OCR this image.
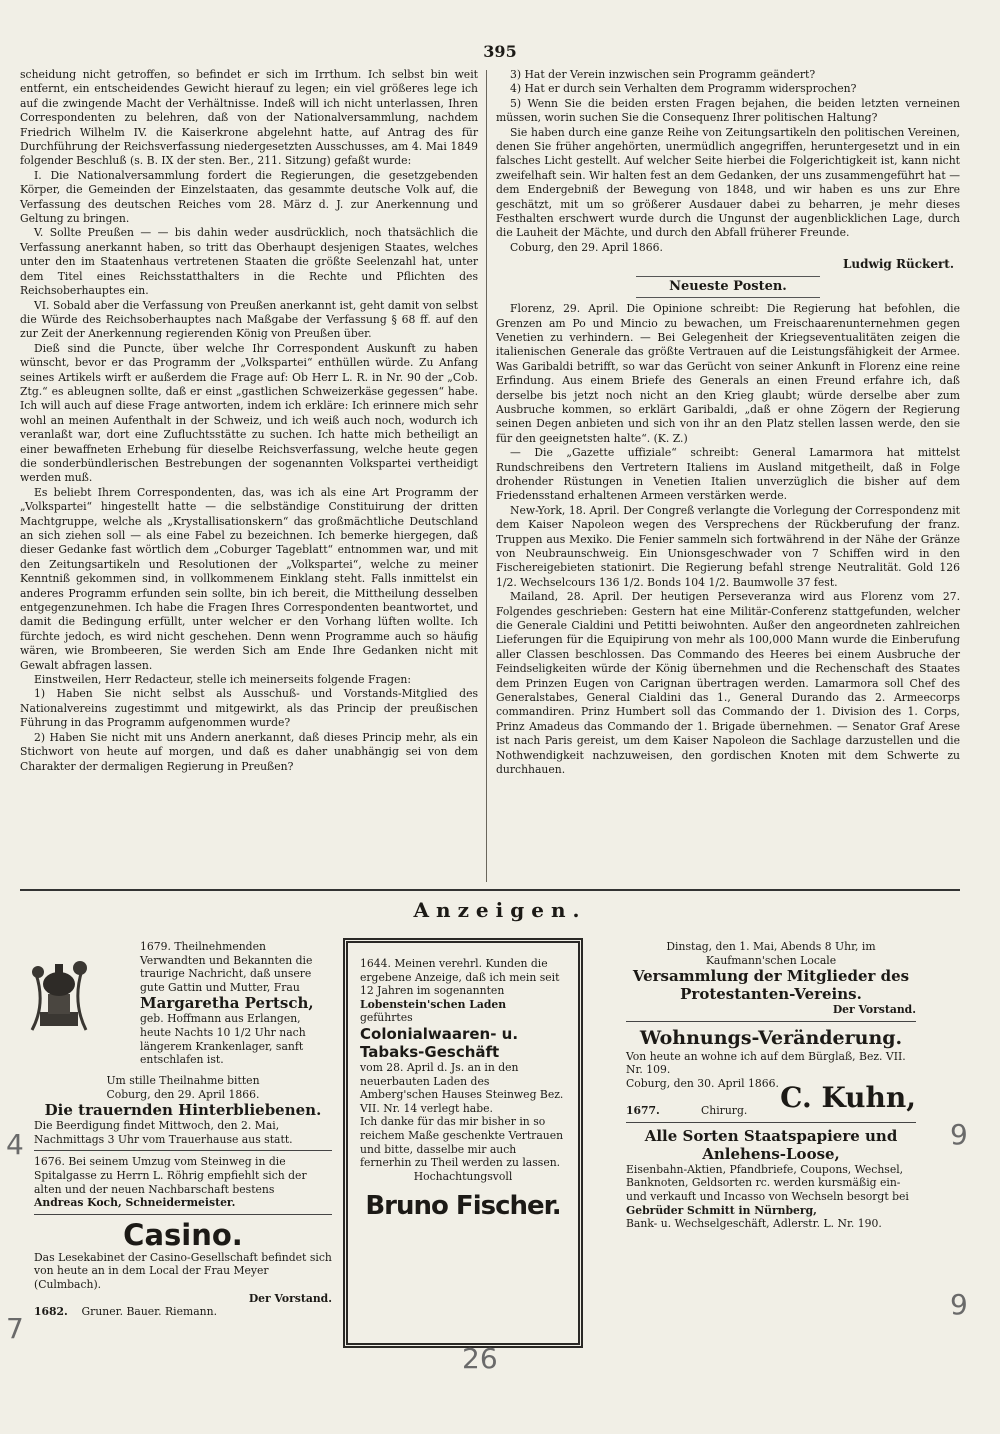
395

scheidung nicht getroffen, so befindet er sich im Irrthum. Ich selbst bin weit entfernt, ein entscheidendes Gewicht hierauf zu legen; ein viel größeres lege ich auf die zwingende Macht der Verhältnisse. Indeß will ich nicht unterlassen, Ihren Correspondenten zu belehren, daß von der Nationalversammlung, nachdem Friedrich Wilhelm IV. die Kaiserkrone abgelehnt hatte, auf Antrag des für Durchführung der Reichsverfassung niedergesetzten Ausschusses, am 4. Mai 1849 folgender Beschluß (s. B. IX der sten. Ber., 211. Sitzung) gefaßt wurde:

I. Die Nationalversammlung fordert die Regierungen, die gesetzgebenden Körper, die Gemeinden der Einzelstaaten, das gesammte deutsche Volk auf, die Verfassung des deutschen Reiches vom 28. März d. J. zur Anerkennung und Geltung zu bringen.

V. Sollte Preußen — — bis dahin weder ausdrücklich, noch thatsächlich die Verfassung anerkannt haben, so tritt das Oberhaupt desjenigen Staates, welches unter den im Staatenhaus vertretenen Staaten die größte Seelenzahl hat, unter dem Titel eines Reichsstatthalters in die Rechte und Pflichten des Reichsoberhauptes ein.

VI. Sobald aber die Verfassung von Preußen anerkannt ist, geht damit von selbst die Würde des Reichsoberhauptes nach Maßgabe der Verfassung § 68 ff. auf den zur Zeit der Anerkennung regierenden König von Preußen über.

Dieß sind die Puncte, über welche Ihr Correspondent Auskunft zu haben wünscht, bevor er das Programm der „Volkspartei“ enthüllen würde. Zu Anfang seines Artikels wirft er außerdem die Frage auf: Ob Herr L. R. in Nr. 90 der „Cob. Ztg.“ es ableugnen sollte, daß er einst „gastlichen Schweizerkäse gegessen“ habe. Ich will auch auf diese Frage antworten, indem ich erkläre: Ich erinnere mich sehr wohl an meinen Aufenthalt in der Schweiz, und ich weiß auch noch, wodurch ich veranlaßt war, dort eine Zufluchtsstätte zu suchen. Ich hatte mich betheiligt an einer bewaffneten Erhebung für dieselbe Reichsverfassung, welche heute gegen die sonderbündlerischen Bestrebungen der sogenannten Volkspartei vertheidigt werden muß.

Es beliebt Ihrem Correspondenten, das, was ich als eine Art Programm der „Volkspartei“ hingestellt hatte — die selbständige Constituirung der dritten Machtgruppe, welche als „Krystallisationskern“ das großmächtliche Deutschland an sich ziehen soll — als eine Fabel zu bezeichnen. Ich bemerke hiergegen, daß dieser Gedanke fast wörtlich dem „Coburger Tageblatt“ entnommen war, und mit den Zeitungsartikeln und Resolutionen der „Volkspartei“, welche zu meiner Kenntniß gekommen sind, in vollkommenem Einklang steht. Falls inmittelst ein anderes Programm erfunden sein sollte, bin ich bereit, die Mittheilung desselben entgegenzunehmen. Ich habe die Fragen Ihres Correspondenten beantwortet, und damit die Bedingung erfüllt, unter welcher er den Vorhang lüften wollte. Ich fürchte jedoch, es wird nicht geschehen. Denn wenn Programme auch so häufig wären, wie Brombeeren, Sie werden Sich am Ende Ihre Gedanken nicht mit Gewalt abfragen lassen.

Einstweilen, Herr Redacteur, stelle ich meinerseits folgende Fragen:

1) Haben Sie nicht selbst als Ausschuß- und Vorstands-Mitglied des Nationalvereins zugestimmt und mitgewirkt, als das Princip der preußischen Führung in das Programm aufgenommen wurde?

2) Haben Sie nicht mit uns Andern anerkannt, daß dieses Princip mehr, als ein Stichwort von heute auf morgen, und daß es daher unabhängig sei von dem Charakter der dermaligen Regierung in Preußen?

3) Hat der Verein inzwischen sein Programm geändert?

4) Hat er durch sein Verhalten dem Programm widersprochen?

5) Wenn Sie die beiden ersten Fragen bejahen, die beiden letzten verneinen müssen, worin suchen Sie die Consequenz Ihrer politischen Haltung?

Sie haben durch eine ganze Reihe von Zeitungsartikeln den politischen Vereinen, denen Sie früher angehörten, unermüdlich angegriffen, heruntergesetzt und in ein falsches Licht gestellt. Auf welcher Seite hierbei die Folgerichtigkeit ist, kann nicht zweifelhaft sein. Wir halten fest an dem Gedanken, der uns zusammengeführt hat — dem Endergebniß der Bewegung von 1848, und wir haben es uns zur Ehre geschätzt, mit um so größerer Ausdauer dabei zu beharren, je mehr dieses Festhalten erschwert wurde durch die Ungunst der augenblicklichen Lage, durch die Lauheit der Mächte, und durch den Abfall früherer Freunde.

Coburg, den 29. April 1866.

Ludwig Rückert.
Neueste Posten.

Florenz, 29. April. Die Opinione schreibt: Die Regierung hat befohlen, die Grenzen am Po und Mincio zu bewachen, um Freischaarenunternehmen gegen Venetien zu verhindern. — Bei Gelegenheit der Kriegseventualitäten zeigen die italienischen Generale das größte Vertrauen auf die Leistungsfähigkeit der Armee. Was Garibaldi betrifft, so war das Gerücht von seiner Ankunft in Florenz eine reine Erfindung. Aus einem Briefe des Generals an einen Freund erfahre ich, daß derselbe bis jetzt noch nicht an den Krieg glaubt; würde derselbe aber zum Ausbruche kommen, so erklärt Garibaldi, „daß er ohne Zögern der Regierung seinen Degen anbieten und sich von ihr an den Platz stellen lassen werde, den sie für den geeignetsten halte“. (K. Z.)

— Die „Gazette uffiziale“ schreibt: General Lamarmora hat mittelst Rundschreibens den Vertretern Italiens im Ausland mitgetheilt, daß in Folge drohender Rüstungen in Venetien Italien unverzüglich die bisher auf dem Friedensstand erhaltenen Armeen verstärken werde.

New-York, 18. April. Der Congreß verlangte die Vorlegung der Correspondenz mit dem Kaiser Napoleon wegen des Versprechens der Rückberufung der franz. Truppen aus Mexiko. Die Fenier sammeln sich fortwährend in der Nähe der Gränze von Neubraunschweig. Ein Unionsgeschwader von 7 Schiffen wird in den Fischereigebieten stationirt. Die Regierung befahl strenge Neutralität. Gold 126 1/2. Wechselcours 136 1/2. Bonds 104 1/2. Baumwolle 37 fest.

Mailand, 28. April. Der heutigen Perseveranza wird aus Florenz vom 27. Folgendes geschrieben: Gestern hat eine Militär-Conferenz stattgefunden, welcher die Generale Cialdini und Petitti beiwohnten. Außer den angeordneten zahlreichen Lieferungen für die Equipirung von mehr als 100,000 Mann wurde die Einberufung aller Classen beschlossen. Das Commando des Heeres bei einem Ausbruche der Feindseligkeiten würde der König übernehmen und die Rechenschaft des Staates dem Prinzen Eugen von Carignan übertragen werden. Lamarmora soll Chef des Generalstabes, General Cialdini das 1., General Durando das 2. Armeecorps commandiren. Prinz Humbert soll das Commando der 1. Division des 1. Corps, Prinz Amadeus das Commando der 1. Brigade übernehmen. — Senator Graf Arese ist nach Paris gereist, um dem Kaiser Napoleon die Sachlage darzustellen und die Nothwendigkeit nachzuweisen, den gordischen Knoten mit dem Schwerte zu durchhauen.

Anzeigen.

1679. Theilnehmenden Verwandten und Bekannten die traurige Nachricht, daß unsere gute Gattin und Mutter, Frau

Margaretha Pertsch,

geb. Hoffmann aus Erlangen, heute Nachts 10 1/2 Uhr nach längerem Krankenlager, sanft entschlafen ist.

Um stille Theilnahme bitten

Coburg, den 29. April 1866.

Die trauernden Hinterbliebenen.

Die Beerdigung findet Mittwoch, den 2. Mai, Nachmittags 3 Uhr vom Trauerhause aus statt.

1676. Bei seinem Umzug vom Steinweg in die Spitalgasse zu Herrn L. Röhrig empfiehlt sich der alten und der neuen Nachbarschaft bestens

Andreas Koch, Schneidermeister.

Casino.

Das Lesekabinet der Casino-Gesellschaft befindet sich von heute an in dem Local der Frau Meyer (Culmbach).

Der Vorstand.

1682. Gruner. Bauer. Riemann.

1644. Meinen verehrl. Kunden die ergebene Anzeige, daß ich mein seit 12 Jahren im sogenannten

Lobenstein'schen Laden

geführtes

Colonialwaaren- u. Tabaks-Geschäft

vom 28. April d. Js. an in den neuerbauten Laden des Amberg'schen Hauses Steinweg Bez. VII. Nr. 14 verlegt habe.

Ich danke für das mir bisher in so reichem Maße geschenkte Vertrauen und bitte, dasselbe mir auch fernerhin zu Theil werden zu lassen.

Hochachtungsvoll

Bruno Fischer.

Dinstag, den 1. Mai, Abends 8 Uhr, im Kaufmann'schen Locale

Versammlung der Mitglieder des Protestanten-Vereins.

Der Vorstand.

Wohnungs-Veränderung.

Von heute an wohne ich auf dem Bürglaß, Bez. VII. Nr. 109.

Coburg, den 30. April 1866. C. Kuhn,

1677.	Chirurg.

Alle Sorten Staatspapiere und Anlehens-Loose,

Eisenbahn-Aktien, Pfandbriefe, Coupons, Wechsel, Banknoten, Geldsorten rc. werden kursmäßig ein- und verkauft und Incasso von Wechseln besorgt bei

Gebrüder Schmitt in Nürnberg,

Bank- u. Wechselgeschäft, Adlerstr. L. Nr. 190.

4
7
9
9
26
